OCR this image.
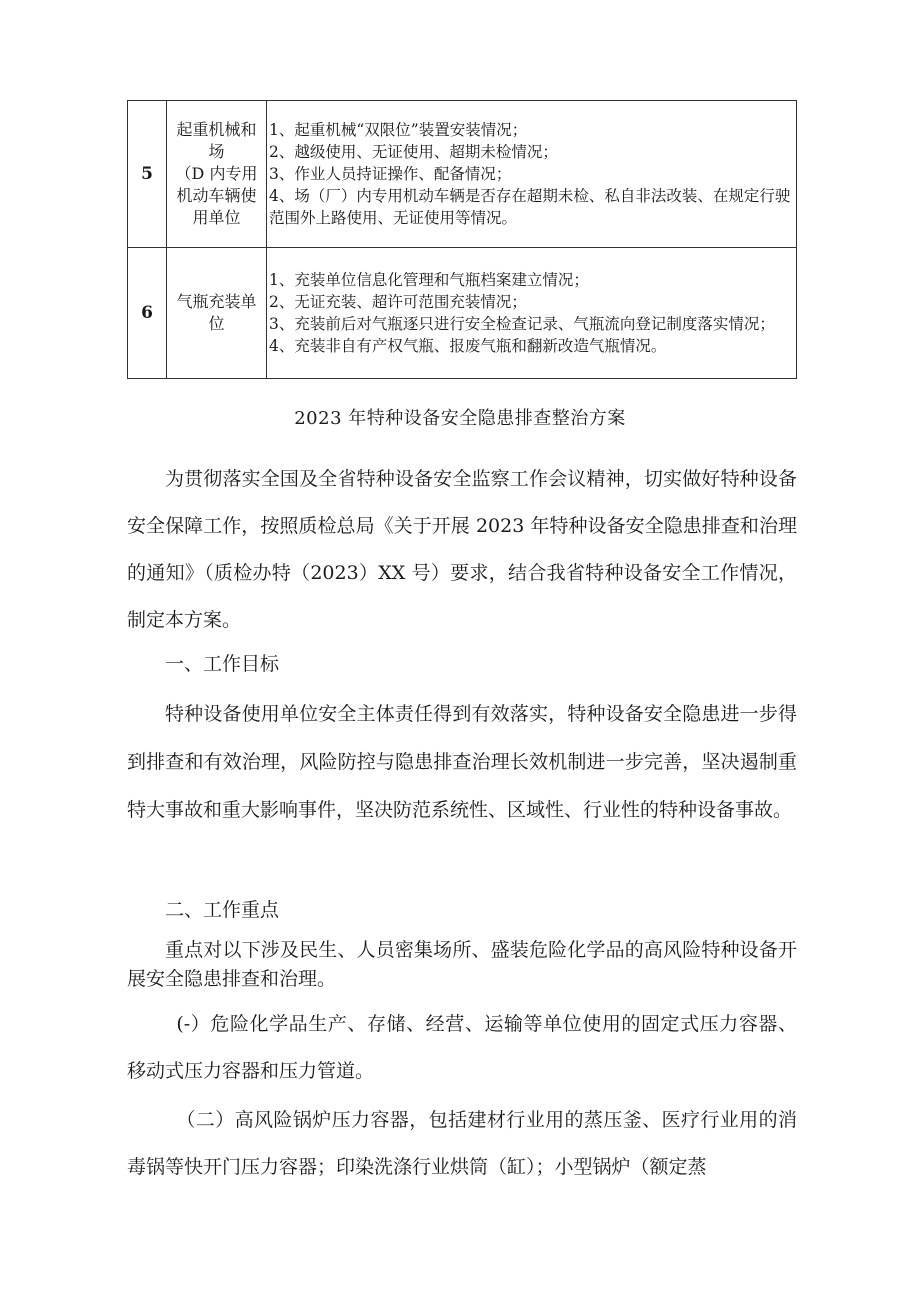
5	起重机械和场
（D 内专用
机动车辆使
用单位	1、起重机械“双限位”装置安装情况；
2、越级使用、无证使用、超期未检情况；
3、作业人员持证操作、配备情况；
4、场（厂）内专用机动车辆是否存在超期未检、私自非法改装、在规定行驶范围外上路使用、无证使用等情况。

6	气瓶充装单
位	1、充装单位信息化管理和气瓶档案建立情况；
2、无证充装、超许可范围充装情况；
3、充装前后对气瓶逐只进行安全检查记录、气瓶流向登记制度落实情况；
4、充装非自有产权气瓶、报废气瓶和翻新改造气瓶情况。
2023 年特种设备安全隐患排查整治方案
为贯彻落实全国及全省特种设备安全监察工作会议精神，切实做好特种设备安全保障工作，按照质检总局《关于开展 2023 年特种设备安全隐患排查和治理的通知》（质检办特（2023）XX 号）要求，结合我省特种设备安全工作情况，制定本方案。
一、工作目标
特种设备使用单位安全主体责任得到有效落实，特种设备安全隐患进一步得到排查和有效治理，风险防控与隐患排查治理长效机制进一步完善，坚决遏制重特大事故和重大影响事件，坚决防范系统性、区域性、行业性的特种设备事故。
二、工作重点
重点对以下涉及民生、人员密集场所、盛装危险化学品的高风险特种设备开展安全隐患排查和治理。
(-）危险化学品生产、存储、经营、运输等单位使用的固定式压力容器、移动式压力容器和压力管道。
（二）高风险锅炉压力容器，包括建材行业用的蒸压釜、医疗行业用的消毒锅等快开门压力容器；印染洗涤行业烘筒（缸）；小型锅炉（额定蒸
